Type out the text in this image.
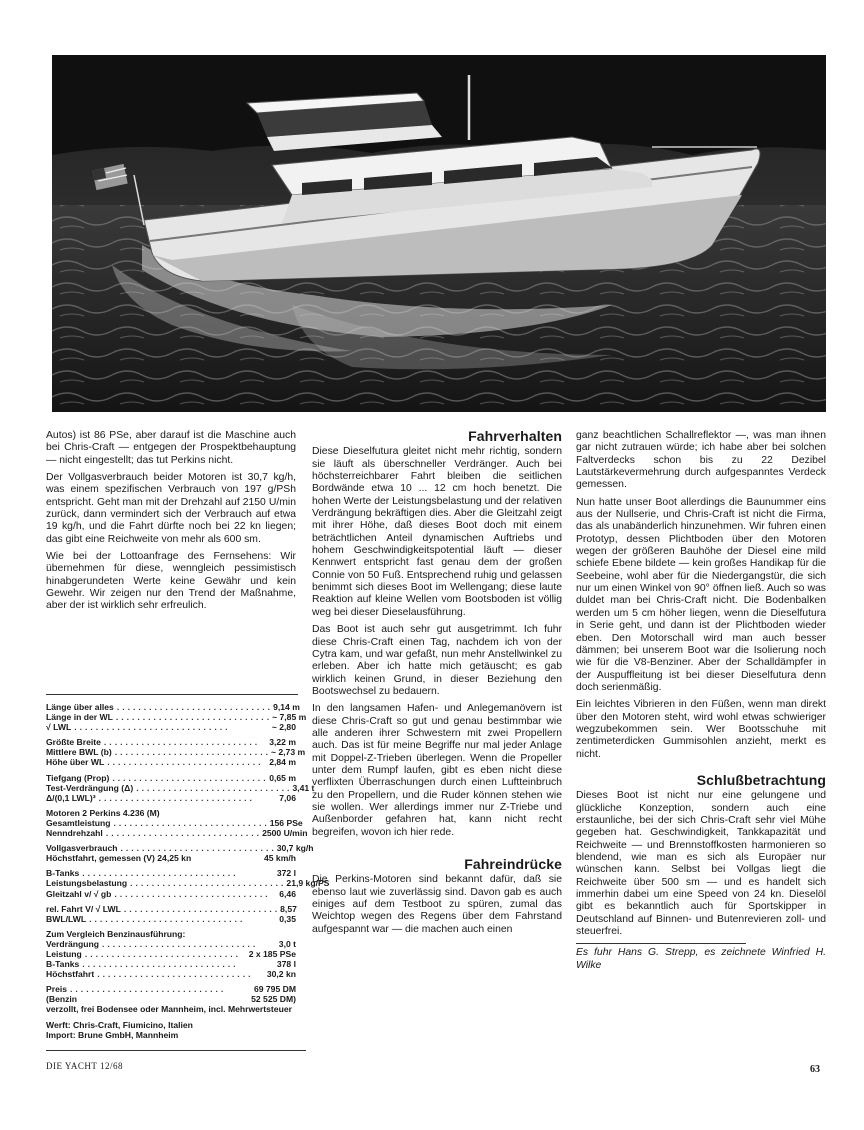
Autos) ist 86 PSe, aber darauf ist die Maschine auch bei Chris-Craft — entgegen der Prospektbehauptung — nicht eingestellt; das tut Perkins nicht.

Der Vollgasverbrauch beider Motoren ist 30,7 kg/h, was einem spezifischen Verbrauch von 197 g/PSh entspricht. Geht man mit der Drehzahl auf 2150 U/min zurück, dann vermindert sich der Verbrauch auf etwa 19 kg/h, und die Fahrt dürfte noch bei 22 kn liegen; das gibt eine Reichweite von mehr als 600 sm.

Wie bei der Lottoanfrage des Fernsehens: Wir übernehmen für diese, wenngleich pessimistisch hinabgerundeten Werte keine Gewähr und kein Gewehr. Wir zeigen nur den Trend der Maßnahme, aber der ist wirklich sehr erfreulich.

Länge über alles ............................. 9,14 m
Länge in der WL ............................. ~ 7,85 m
√ LWL .............................	~ 2,80
Größte Breite .............................	3,22 m
Mittlere BWL (b) ............................. ~ 2,73 m
Höhe über WL ............................. 2,84 m
Tiefgang (Prop) ............................. 0,65 m
Test-Verdrängung (Δ) ............................. 3,41 t
Δ/(0,1 LWL)³ .............................	7,06
Motoren 2 Perkins 4.236 (M)
Gesamtleistung ............................. 156 PSe
Nenndrehzahl ............................. 2500 U/min
Vollgasverbrauch ............................. 30,7 kg/h
Höchstfahrt, gemessen (V) 24,25 kn	45 km/h
B-Tanks .............................	372 l
Leistungsbelastung ............................. 21,9 kg/PS
Gleitzahl v/ √ gb .............................	6,46
rel. Fahrt V/ √ LWL ............................. 8,57
BWL/LWL .............................	0,35
Zum Vergleich Benzinausführung:
Verdrängung .............................	3,0 t
Leistung ............................. 2 x 185 PSe
B-Tanks .............................	378 l
Höchstfahrt .............................	30,2 kn
Preis .............................	69 795 DM
(Benzin	52 525 DM)
verzollt, frei Bodensee oder Mannheim, incl. Mehrwertsteuer
Werft: Chris-Craft, Fiumicino, Italien
Import: Brune GmbH, Mannheim
Fahrverhalten

Diese Dieselfutura gleitet nicht mehr richtig, sondern sie läuft als überschneller Verdränger. Auch bei höchsterreichbarer Fahrt bleiben die seitlichen Bordwände etwa 10 ... 12 cm hoch benetzt. Die hohen Werte der Leistungsbelastung und der relativen Verdrängung bekräftigen dies. Aber die Gleitzahl zeigt mit ihrer Höhe, daß dieses Boot doch mit einem beträchtlichen Anteil dynamischen Auftriebs und hohem Geschwindigkeitspotential läuft — dieser Kennwert entspricht fast genau dem der großen Connie von 50 Fuß. Entsprechend ruhig und gelassen benimmt sich dieses Boot im Wellengang; diese laute Reaktion auf kleine Wellen vom Bootsboden ist völlig weg bei dieser Dieselausführung.

Das Boot ist auch sehr gut ausgetrimmt. Ich fuhr diese Chris-Craft einen Tag, nachdem ich von der Cytra kam, und war gefaßt, nun mehr Anstellwinkel zu erleben. Aber ich hatte mich getäuscht; es gab wirklich keinen Grund, in dieser Beziehung den Bootswechsel zu bedauern.

In den langsamen Hafen- und Anlegemanövern ist diese Chris-Craft so gut und genau bestimmbar wie alle anderen ihrer Schwestern mit zwei Propellern auch. Das ist für meine Begriffe nur mal jeder Anlage mit Doppel-Z-Trieben überlegen. Wenn die Propeller unter dem Rumpf laufen, gibt es eben nicht diese verflixten Überraschungen durch einen Luftteinbruch zu den Propellern, und die Ruder können stehen wie sie wollen. Wer allerdings immer nur Z-Triebe und Außenborder gefahren hat, kann nicht recht begreifen, wovon ich hier rede.

Fahreindrücke

Die Perkins-Motoren sind bekannt dafür, daß sie ebenso laut wie zuverlässig sind. Davon gab es auch einiges auf dem Testboot zu spüren, zumal das Weichtop wegen des Regens über dem Fahrstand aufgespannt war — die machen auch einen

ganz beachtlichen Schallreflektor —, was man ihnen gar nicht zutrauen würde; ich habe aber bei solchen Faltverdecks schon bis zu 22 Dezibel Lautstärkevermehrung durch aufgespanntes Verdeck gemessen.

Nun hatte unser Boot allerdings die Baunummer eins aus der Nullserie, und Chris-Craft ist nicht die Firma, das als unabänderlich hinzunehmen. Wir fuhren einen Prototyp, dessen Plichtboden über den Motoren wegen der größeren Bauhöhe der Diesel eine mild schiefe Ebene bildete — kein großes Handikap für die Seebeine, wohl aber für die Niedergangstür, die sich nur um einen Winkel von 90° öffnen ließ. Auch so was duldet man bei Chris-Craft nicht. Die Bodenbalken werden um 5 cm höher liegen, wenn die Dieselfutura in Serie geht, und dann ist der Plichtboden wieder eben. Den Motorschall wird man auch besser dämmen; bei unserem Boot war die Isolierung noch wie für die V8-Benziner. Aber der Schalldämpfer in der Auspuffleitung ist bei dieser Dieselfutura denn doch serienmäßig.

Ein leichtes Vibrieren in den Füßen, wenn man direkt über den Motoren steht, wird wohl etwas schwieriger wegzubekommen sein. Wer Bootsschuhe mit zentimeterdicken Gummisohlen anzieht, merkt es nicht.

Schlußbetrachtung

Dieses Boot ist nicht nur eine gelungene und glückliche Konzeption, sondern auch eine erstaunliche, bei der sich Chris-Craft sehr viel Mühe gegeben hat. Geschwindigkeit, Tankkapazität und Reichweite — und Brennstoffkosten harmonieren so blendend, wie man es sich als Europäer nur wünschen kann. Selbst bei Vollgas liegt die Reichweite über 500 sm — und es handelt sich immerhin dabei um eine Speed von 24 kn. Dieselöl gibt es bekanntlich auch für Sportskipper in Deutschland auf Binnen- und Butenrevieren zoll- und steuerfrei.

Es fuhr Hans G. Strepp, es zeichnete Winfried H. Wilke

DIE YACHT 12/68	63
